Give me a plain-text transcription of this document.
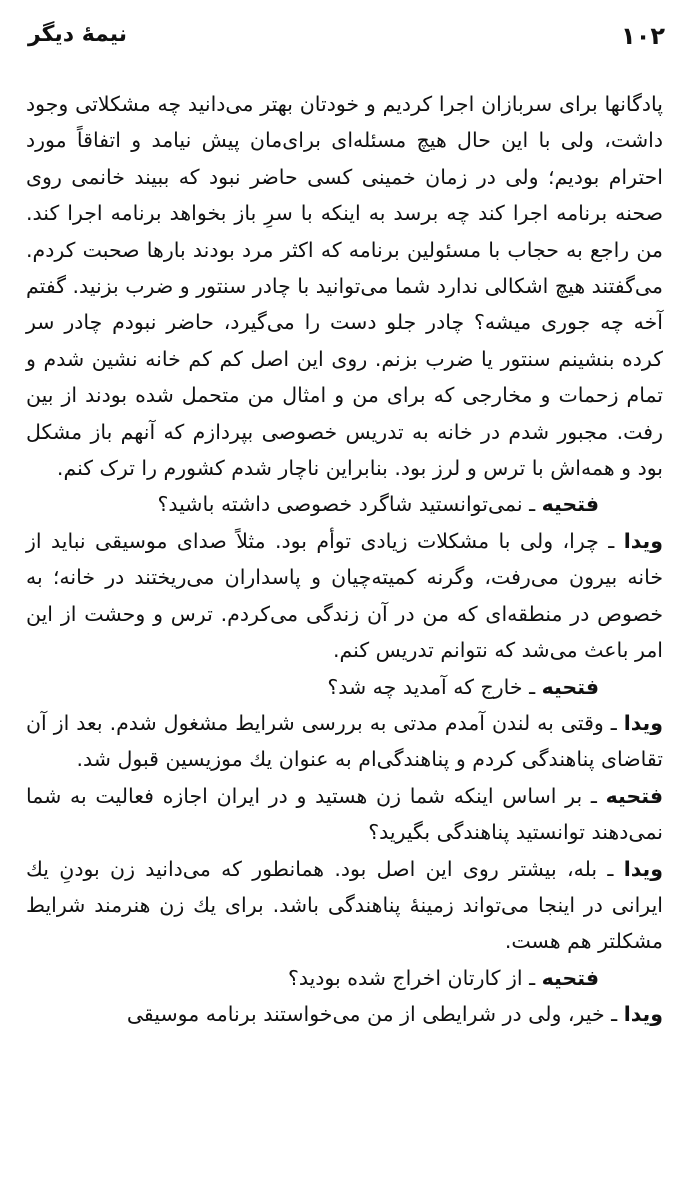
۱۰۲
نیمهٔ دیگر

پادگانها برای سربازان اجرا کردیم و خودتان بهتر می‌دانید چه مشکلاتی وجود داشت، ولی با این حال هیچ مسئله‌ای برای‌مان پیش نیامد و اتفاقاً مورد احترام بودیم؛ ولی در زمان خمینی کسی حاضر نبود که ببیند خانمی روی صحنه برنامه اجرا کند چه برسد به اینکه با سرِ باز بخواهد برنامه اجرا کند. من راجع به حجاب با مسئولین برنامه که اکثر مرد بودند بارها صحبت کردم. می‌گفتند هیچ اشکالی ندارد شما می‌توانید با چادر سنتور و ضرب بزنید. گفتم آخه چه جوری میشه؟ چادر جلو دست را می‌گیرد، حاضر نبودم چادر سر کرده بنشینم سنتور یا ضرب بزنم. روی این اصل کم کم خانه نشین شدم و تمام زحمات و مخارجی که برای من و امثال من متحمل شده بودند از بین رفت. مجبور شدم در خانه به تدریس خصوصی بپردازم که آنهم باز مشکل بود و همه‌اش با ترس و لرز بود. بنابراین ناچار شدم کشورم را ترک کنم.

فتحیه ـ نمی‌توانستید شاگرد خصوصی داشته باشید؟

ویدا ـ چرا، ولی با مشکلات زیادی توأم بود. مثلاً صدای موسیقی نباید از خانه بیرون می‌رفت، وگرنه کمیته‌چیان و پاسداران می‌ریختند در خانه؛ به خصوص در منطقه‌ای که من در آن زندگی می‌کردم. ترس و وحشت از این امر باعث می‌شد که نتوانم تدریس کنم.

فتحیه ـ خارج که آمدید چه شد؟

ویدا ـ وقتی به لندن آمدم مدتی به بررسی شرایط مشغول شدم. بعد از آن تقاضای پناهندگی کردم و پناهندگی‌ام به عنوان یك موزیسین قبول شد.

فتحیه ـ بر اساس اینکه شما زن هستید و در ایران اجازه فعالیت به شما نمی‌دهند توانستید پناهندگی بگیرید؟

ویدا ـ بله، بیشتر روی این اصل بود. همانطور که می‌دانید زن بودنِ یك ایرانی در اینجا می‌تواند زمینهٔ پناهندگی باشد. برای یك زن هنرمند شرایط مشکلتر هم هست.

فتحیه ـ از کارتان اخراج شده بودید؟

ویدا ـ خیر، ولی در شرایطی از من می‌خواستند برنامه موسیقی
